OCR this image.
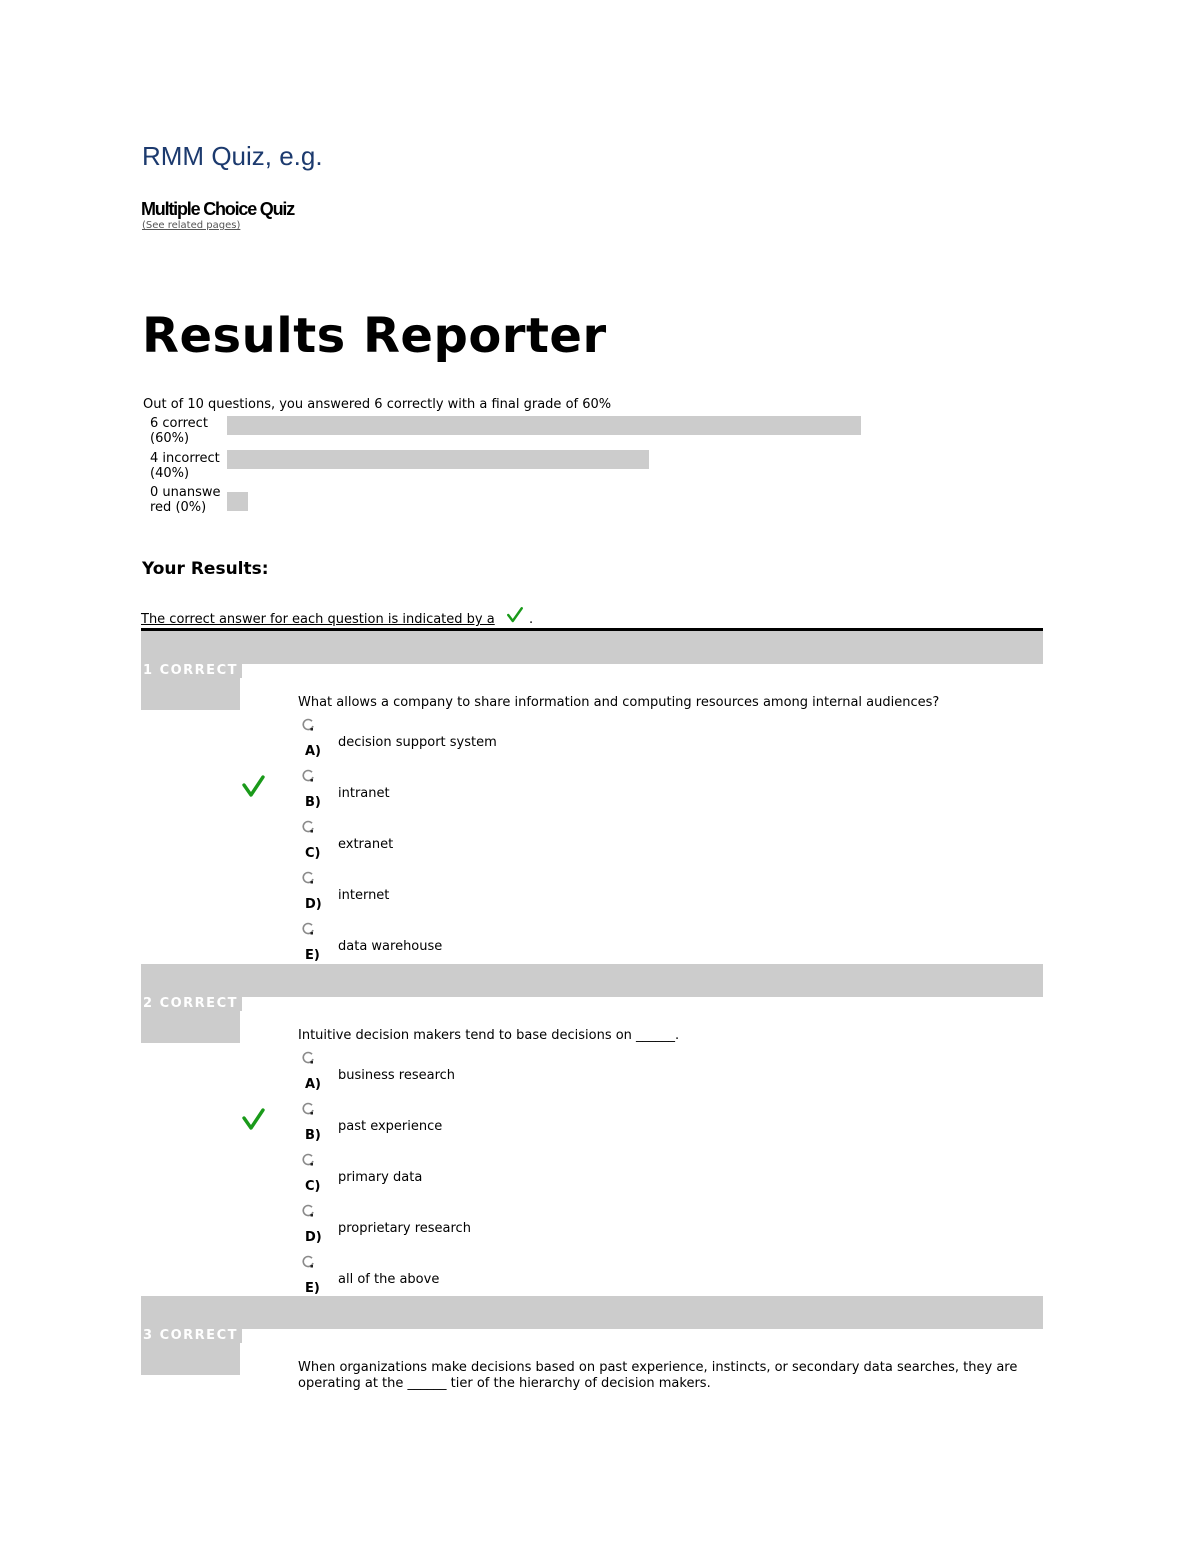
RMM Quiz, e.g.
Multiple Choice Quiz
(See related pages)
Results Reporter
Out of 10 questions, you answered 6 correctly with a final grade of 60%
6 correct (60%)
4 incorrect (40%)
0 unanswered (0%)
Your Results:
The correct answer for each question is indicated by a	.
1 CORRECT
What allows a company to share information and computing resources among internal audiences?
A)
decision support system
B)
intranet
C)
extranet
D)
internet
E)
data warehouse
2 CORRECT
Intuitive decision makers tend to base decisions on ______.
A)
business research
B)
past experience
C)
primary data
D)
proprietary research
E)
all of the above
3 CORRECT
When organizations make decisions based on past experience, instincts, or secondary data searches, they are operating at the ______ tier of the hierarchy of decision makers.
